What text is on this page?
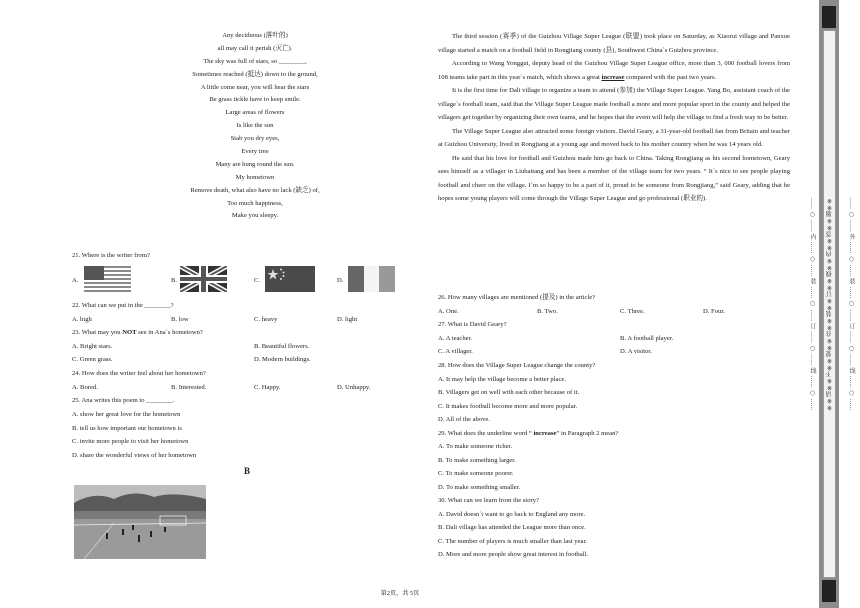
Any deciduous (落叶的)
all may call it perish (灭亡).
The sky was full of stars, so ________,
Sometimes reached (抵达) down to the ground,
A little come near, you will hear the stars
Be grass tickle have to keep smile.
Large areas of flowers
Is like the sun
Stab you dry eyes,
Every tree
Many are hung round the sun.
My hometown
Remove death, what also have no lack (缺乏) of,
Too much happiness,
Make you sleepy.
21. Where is the writer from?
A.	B.	C.	D.
22. What can we put in the ________?
A. high	B. low	C. heavy	D. light
23. What may you NOT see in Ana`s hometown?
A. Bright stars.	B. Beautiful flowers.
C. Green grass.	D. Modern buildings.
24. How does the writer feel about her hometown?
A. Bored.	B. Interested.	C. Happy.	D. Unhappy.
25. Ana writes this poem to ________.
A. show her great love for the hometown
B. tell us how important our hometown is
C. invite more people to visit her hometown
D. share the wonderful views of her hometown
B

The third session (赛季) of the Guizhou Village Super League (联盟) took place on Saturday, as Xiaorui village and Panxue village started a match on a football field in Rongjiang county (县), Southwest China`s Guizhou province.

According to Wang Yonggui, deputy head of the Guizhou Village Super League office, more than 3, 000 football lovers from 108 teams take part in this year`s match, which shows a great increase compared with the past two years.

It is the first time for Dali village to organize a team to attend (参加) the Village Super League. Yang Bo, assistant coach of the village`s football team, said that the Village Super League made football a more and more popular sport in the county and helped the villagers get together by organizing their own teams, and he hopes that the event will help the village to find a fresh way to be better.

The Village Super League also attracted some foreign visitors. David Geary, a 31-year-old football fan from Britain and teacher at Guizhou University, lived in Rongjiang at a young age and moved back to his mother country when he was 14 years old.

He said that his love for football and Guizhou made him go back to China. Taking Rongjiang as his second hometown, Geary sees himself as a villager in Liubaitang and has been a member of the village team for two years. “ It`s nice to see people playing football and cheer on the village. I`m so happy to be a part of it, proud to be someone from Rongjiang,” said Geary, adding that he hopes some young players will come through the Village Super League and go professional (职业的).

26. How many villages are mentioned (提及) in the article?
A. One.	B. Two.	C. Three.	D. Four.
27. What is David Geary?
A. A teacher.	B. A football player.
C. A villager.	D. A visitor.
28. How does the Village Super League change the county?
A. It may help the village become a better place.
B. Villagers get on well with each other because of it.
C. It makes football become more and more popular.
D. All of the above.
29. What does the underline word “ increase” in Paragraph 2 mean?
A. To make someone richer.
B. To make something larger.
C. To make someone poorer.
D. To make something smaller.
30. What can we learn from the story?
A. David doesn`t want to go back to England any more.
B. Dali village has attended the League more than once.
C. The number of players is much smaller than last year.
D. More and more people show great interest in football.
第2页，共 5页
…… ○ …… 内 …… ○ …… 装 …… ○ …… 订 …… ○ …… 线 …… ○ ……	※※请※※不※※要※※在※※装※※订※※线※※内※※答※※题※※	…… ○ …… 外 …… ○ …… 装 …… ○ …… 订 …… ○ …… 线 …… ○ ……
